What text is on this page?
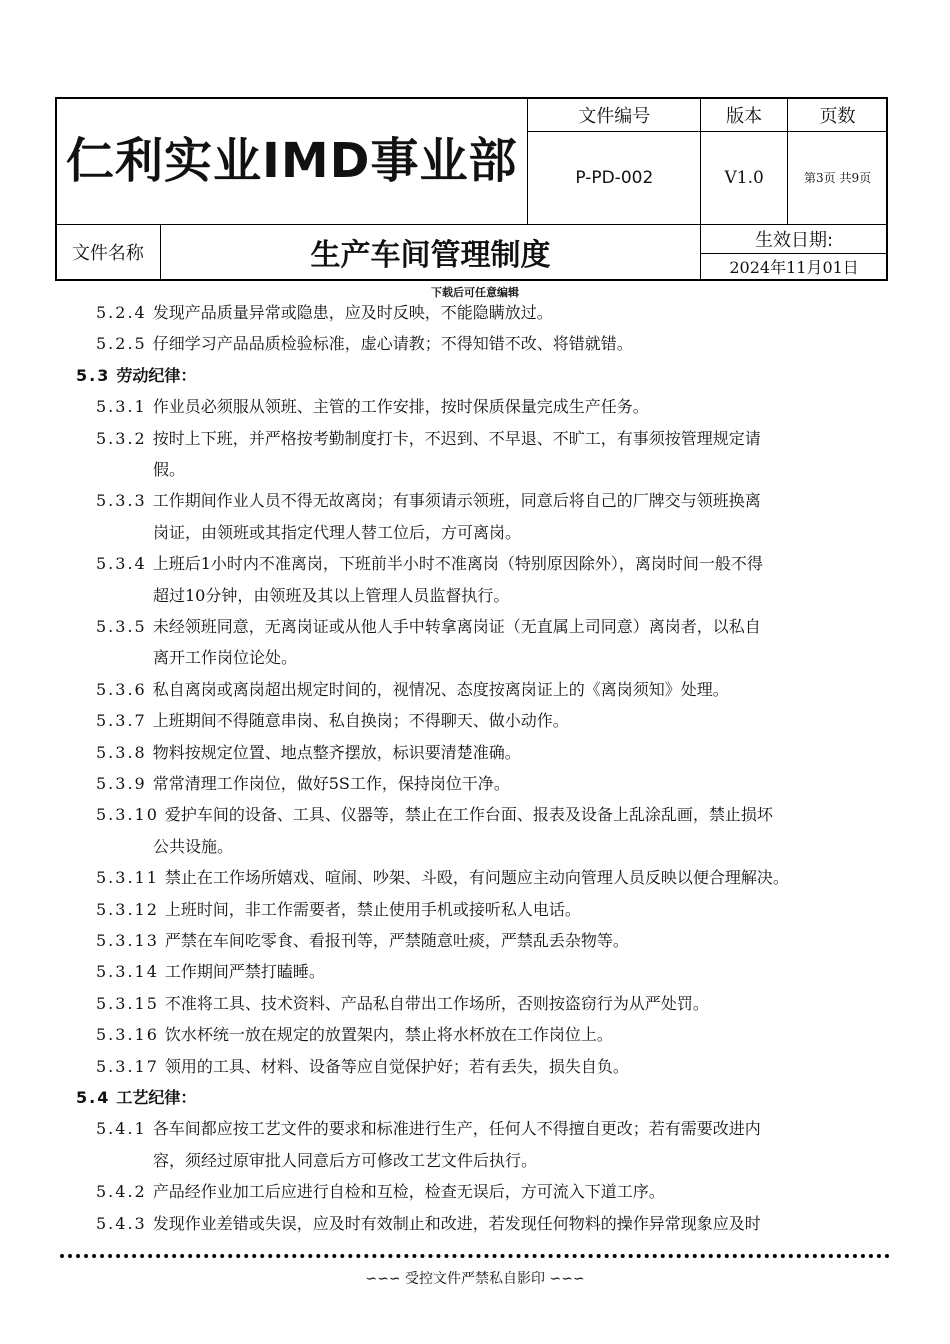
仁利实业IMD事业部		文件编号	版本	页数
		P-PD-002	V1.0	第3页 共9页
文件名称	生产车间管理制度		生效日期:	
			2024年11月01日	
下载后可任意编辑
5.2.4 发现产品质量异常或隐患，应及时反映，不能隐瞒放过。
5.2.5 仔细学习产品品质检验标准，虚心请教；不得知错不改、将错就错。
5.3 劳动纪律：
5.3.1 作业员必须服从领班、主管的工作安排，按时保质保量完成生产任务。
5.3.2 按时上下班，并严格按考勤制度打卡，不迟到、不早退、不旷工，有事须按管理规定请
假。
5.3.3 工作期间作业人员不得无故离岗；有事须请示领班，同意后将自己的厂牌交与领班换离
岗证，由领班或其指定代理人替工位后，方可离岗。
5.3.4 上班后1小时内不准离岗，下班前半小时不准离岗（特别原因除外），离岗时间一般不得
超过10分钟，由领班及其以上管理人员监督执行。
5.3.5 未经领班同意，无离岗证或从他人手中转拿离岗证（无直属上司同意）离岗者，以私自
离开工作岗位论处。
5.3.6 私自离岗或离岗超出规定时间的，视情况、态度按离岗证上的《离岗须知》处理。
5.3.7 上班期间不得随意串岗、私自换岗；不得聊天、做小动作。
5.3.8 物料按规定位置、地点整齐摆放，标识要清楚准确。
5.3.9 常常清理工作岗位，做好5S工作，保持岗位干净。
5.3.10 爱护车间的设备、工具、仪器等，禁止在工作台面、报表及设备上乱涂乱画，禁止损坏
公共设施。
5.3.11 禁止在工作场所嬉戏、喧闹、吵架、斗殴，有问题应主动向管理人员反映以便合理解决。
5.3.12 上班时间，非工作需要者，禁止使用手机或接听私人电话。
5.3.13 严禁在车间吃零食、看报刊等，严禁随意吐痰，严禁乱丢杂物等。
5.3.14 工作期间严禁打瞌睡。
5.3.15 不准将工具、技术资料、产品私自带出工作场所，否则按盗窃行为从严处罚。
5.3.16 饮水杯统一放在规定的放置架内，禁止将水杯放在工作岗位上。
5.3.17 领用的工具、材料、设备等应自觉保护好；若有丢失，损失自负。
5.4 工艺纪律：
5.4.1 各车间都应按工艺文件的要求和标准进行生产，任何人不得擅自更改；若有需要改进内
容，须经过原审批人同意后方可修改工艺文件后执行。
5.4.2 产品经作业加工后应进行自检和互检，检查无误后，方可流入下道工序。
5.4.3 发现作业差错或失误，应及时有效制止和改进，若发现任何物料的操作异常现象应及时
∽∽∽ 受控文件严禁私自影印 ∽∽∽
